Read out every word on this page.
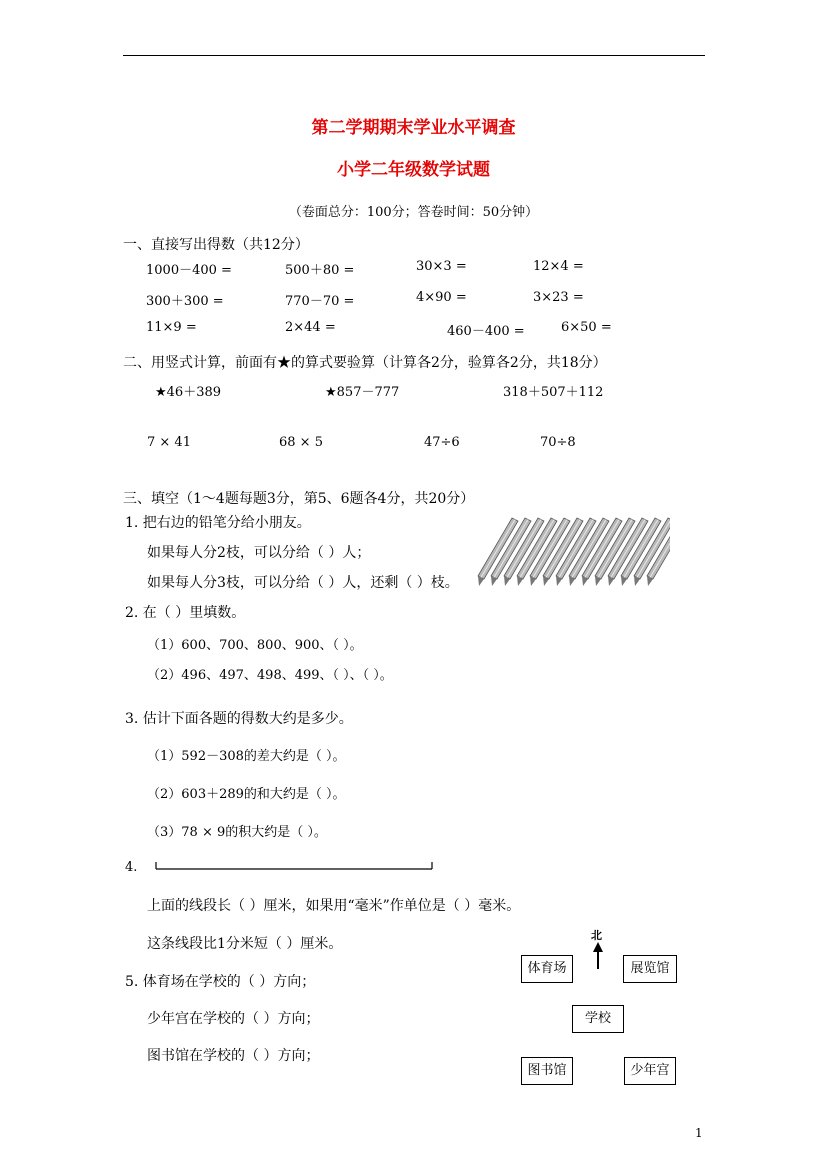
第二学期期末学业水平调查
小学二年级数学试题
（卷面总分：100分；答卷时间：50分钟）
一、直接写出得数（共12分）
1000－400 =	500＋80 =	30×3 =	12×4 =
300＋300 =	770－70 =	4×90 =	3×23 =
11×9 =	2×44 =	460－400 =	6×50 =
二、用竖式计算，前面有★的算式要验算（计算各2分，验算各2分，共18分）
★46＋389	★857－777	318＋507＋112
7 × 41	68 × 5	47÷6	70÷8
三、填空（1～4题每题3分，第5、6题各4分，共20分）
1. 把右边的铅笔分给小朋友。
如果每人分2枝，可以分给（ ）人；
如果每人分3枝，可以分给（ ）人，还剩（ ）枝。
2. 在（ ）里填数。
（1）600、700、800、900、（ ）。
（2）496、497、498、499、（ ）、（ ）。
3. 估计下面各题的得数大约是多少。
（1）592－308的差大约是（ ）。
（2）603＋289的和大约是（ ）。
（3）78 × 9的积大约是（ ）。
4.
上面的线段长（ ）厘米，如果用“毫米”作单位是（ ）毫米。
这条线段比1分米短（ ）厘米。
5. 体育场在学校的（ ）方向；
少年宫在学校的（ ）方向；
图书馆在学校的（ ）方向；
北
体育场	展览馆
学校
图书馆	少年宫
1
